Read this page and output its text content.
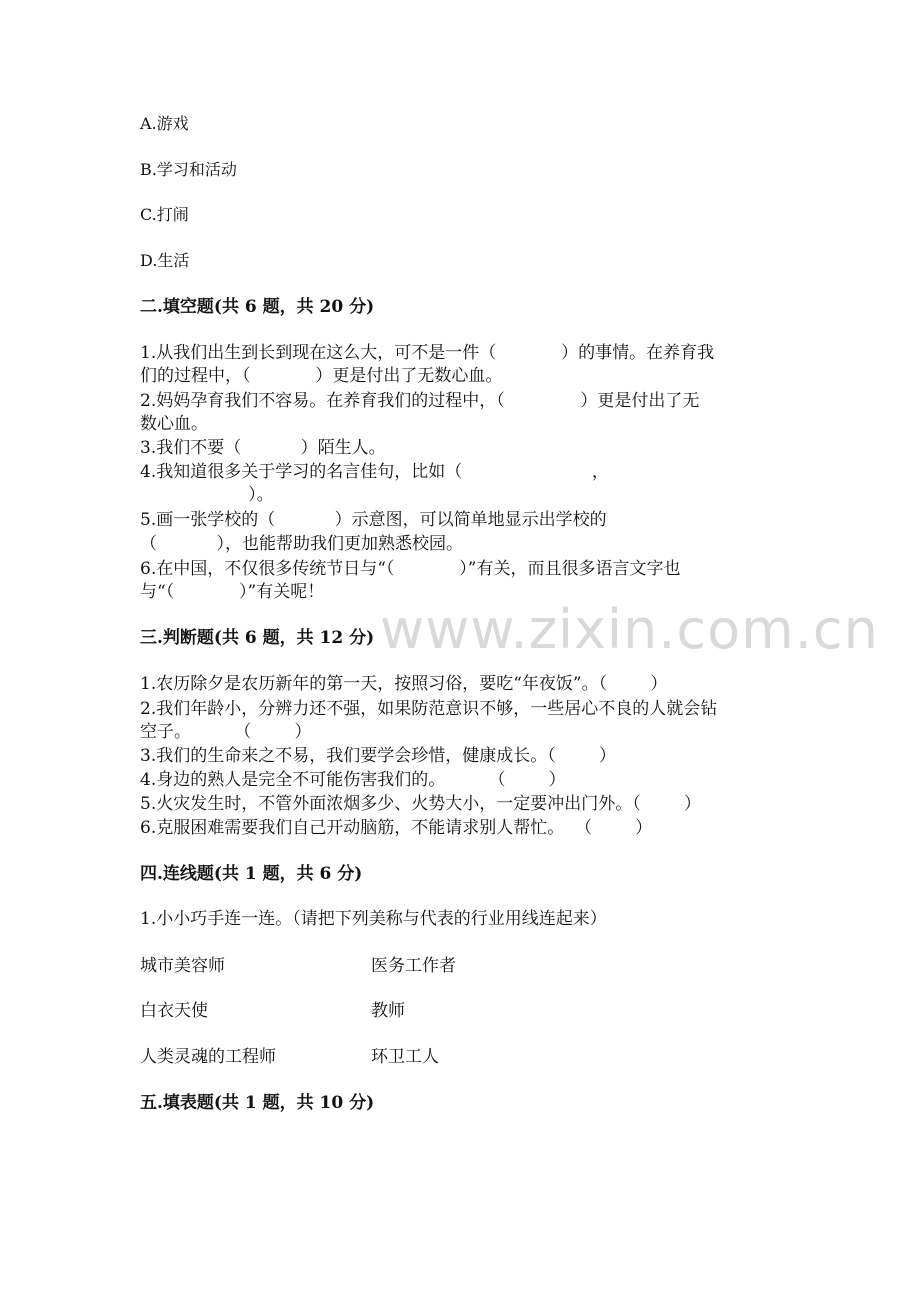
A.游戏
B.学习和活动
C.打闹
D.生活
二.填空题(共 6 题，共 20 分)
1.从我们出生到长到现在这么大，可不是一件（            ）的事情。在养育我
们的过程中，（            ）更是付出了无数心血。
2.妈妈孕育我们不容易。在养育我们的过程中，（              ）更是付出了无
数心血。
3.我们不要（           ）陌生人。
4.我知道很多关于学习的名言佳句，比如（                        ，
）。
5.画一张学校的（           ）示意图，可以简单地显示出学校的
（           ），也能帮助我们更加熟悉校园。
6.在中国，不仅很多传统节日与“（            ）”有关，而且很多语言文字也
与“（            ）”有关呢！
www.zixin.com.cn
三.判断题(共 6 题，共 12 分)
1.农历除夕是农历新年的第一天，按照习俗，要吃“年夜饭”。（        ）
2.我们年龄小，分辨力还不强，如果防范意识不够，一些居心不良的人就会钻
空子。        （        ）
3.我们的生命来之不易，我们要学会珍惜，健康成长。（        ）
4.身边的熟人是完全不可能伤害我们的。        （        ）
5.火灾发生时，不管外面浓烟多少、火势大小，一定要冲出门外。（        ）
6.克服困难需要我们自己开动脑筋，不能请求别人帮忙。  （        ）
四.连线题(共 1 题，共 6 分)
1.小小巧手连一连。（请把下列美称与代表的行业用线连起来）
城市美容师	医务工作者
白衣天使	教师
人类灵魂的工程师	环卫工人
五.填表题(共 1 题，共 10 分)
